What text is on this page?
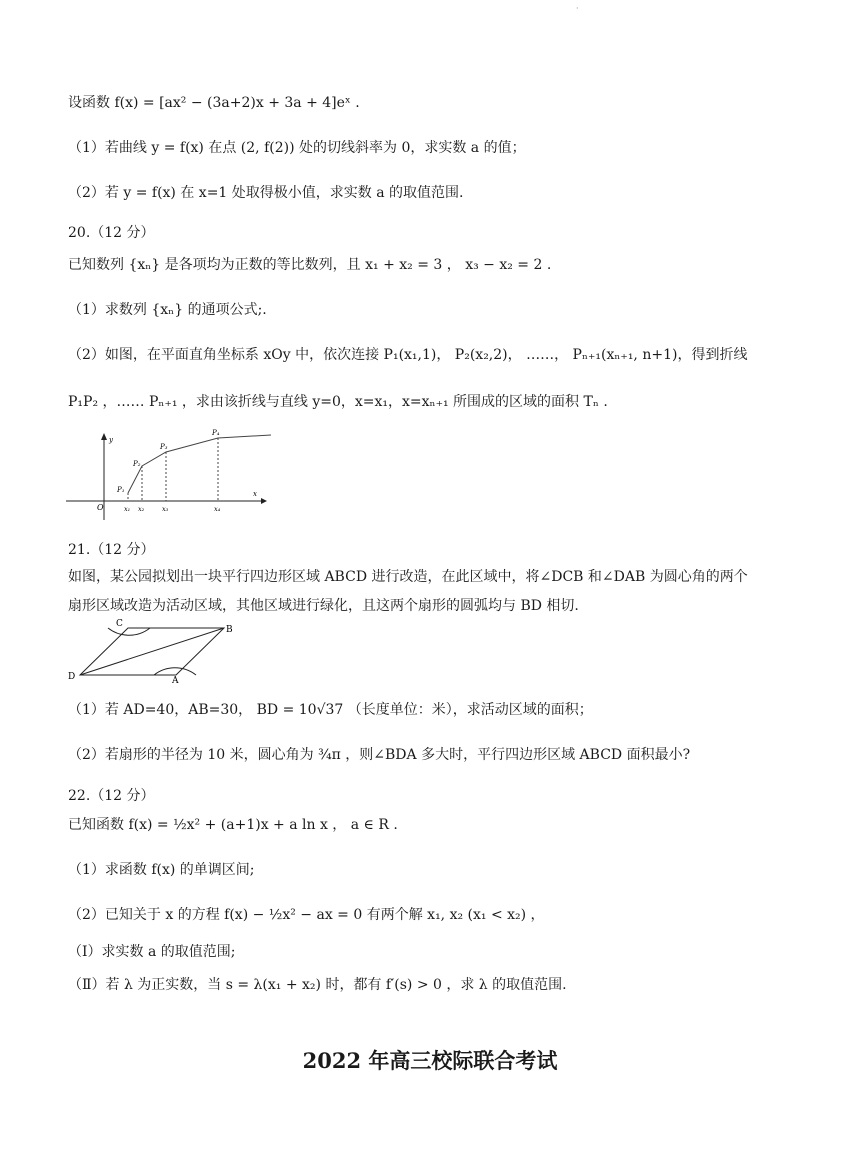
·
设函数 f(x) = [ax² − (3a+2)x + 3a + 4]eˣ .
（1）若曲线 y = f(x) 在点 (2, f(2)) 处的切线斜率为 0，求实数 a 的值；
（2）若 y = f(x) 在 x=1 处取得极小值，求实数 a 的取值范围.
20.（12 分）
已知数列 {xₙ} 是各项均为正数的等比数列，且 x₁ + x₂ = 3 ， x₃ − x₂ = 2 .
（1）求数列 {xₙ} 的通项公式;.
（2）如图，在平面直角坐标系 xOy 中，依次连接 P₁(x₁,1)， P₂(x₂,2)， ……， Pₙ₊₁(xₙ₊₁, n+1)，得到折线
P₁P₂ ，…… Pₙ₊₁ ，求由该折线与直线 y=0，x=x₁，x=xₙ₊₁ 所围成的区域的面积 Tₙ .
y
x
O
P₁
P₂
P₃
P₄
x₁ x₂	x₃	x₄
21.（12 分）
如图，某公园拟划出一块平行四边形区域 ABCD 进行改造，在此区域中，将∠DCB 和∠DAB 为圆心角的两个
扇形区域改造为活动区域，其他区域进行绿化，且这两个扇形的圆弧均与 BD 相切.
C
B
D	A
（1）若 AD=40，AB=30， BD = 10√37 （长度单位：米），求活动区域的面积；
（2）若扇形的半径为 10 米，圆心角为 ¾π ，则∠BDA 多大时，平行四边形区域 ABCD 面积最小?
22.（12 分）
已知函数 f(x) = ½x² + (a+1)x + a ln x ， a ∈ R .
（1）求函数 f(x) 的单调区间;
（2）已知关于 x 的方程 f(x) − ½x² − ax = 0 有两个解 x₁, x₂ (x₁ < x₂) ，
（Ⅰ）求实数 a 的取值范围;
（Ⅱ）若 λ 为正实数，当 s = λ(x₁ + x₂) 时，都有 f′(s) > 0 ，求 λ 的取值范围.
2022 年高三校际联合考试
